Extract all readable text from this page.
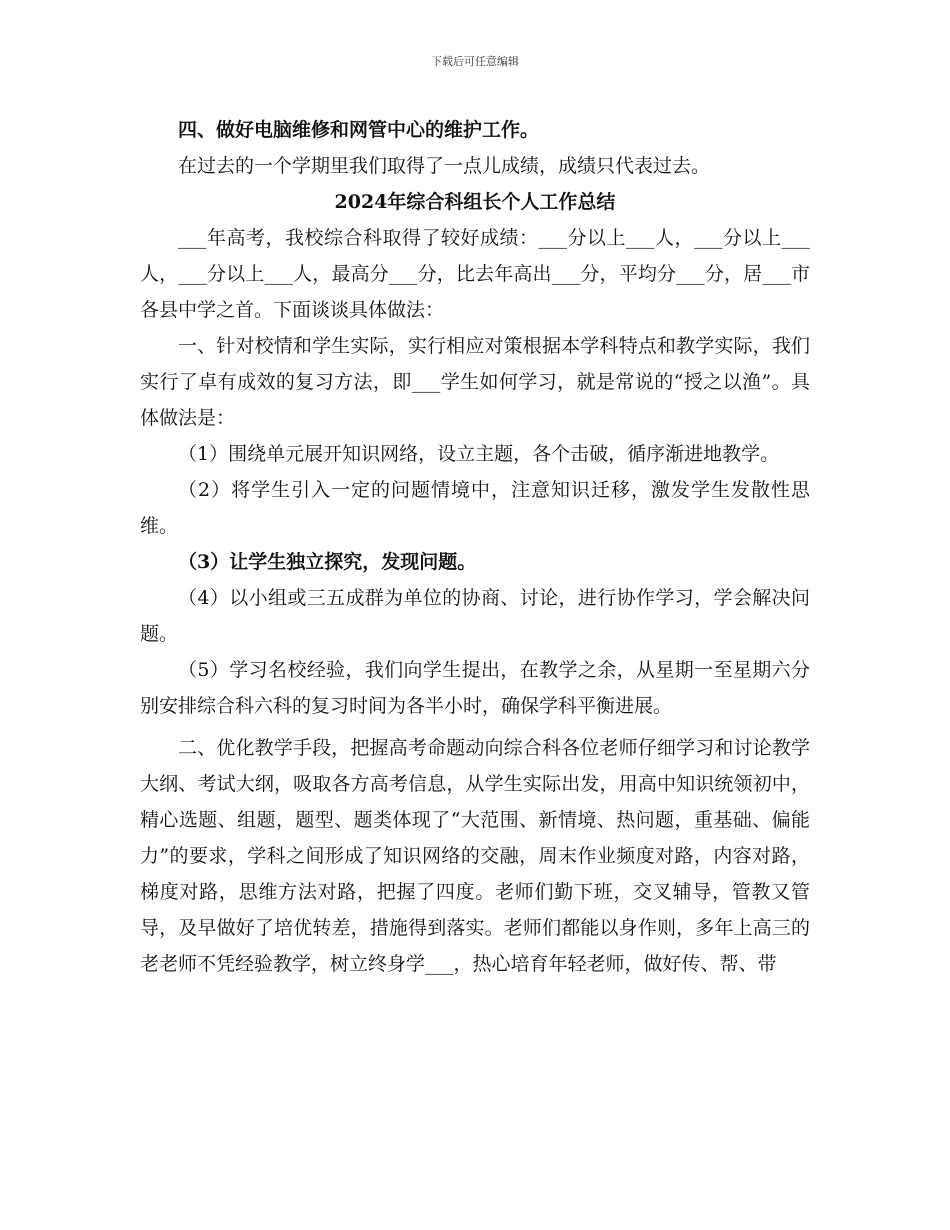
下载后可任意编辑

四、做好电脑维修和网管中心的维护工作。

在过去的一个学期里我们取得了一点儿成绩，成绩只代表过去。

2024年综合科组长个人工作总结

___年高考，我校综合科取得了较好成绩：___分以上___人，___分以上___人，___分以上___人，最高分___分，比去年高出___分，平均分___分，居___市各县中学之首。下面谈谈具体做法：

一、针对校情和学生实际，实行相应对策根据本学科特点和教学实际，我们实行了卓有成效的复习方法，即___学生如何学习，就是常说的“授之以渔”。具体做法是：

（1）围绕单元展开知识网络，设立主题，各个击破，循序渐进地教学。

（2）将学生引入一定的问题情境中，注意知识迁移，激发学生发散性思维。

（3）让学生独立探究，发现问题。

（4）以小组或三五成群为单位的协商、讨论，进行协作学习，学会解决问题。

（5）学习名校经验，我们向学生提出，在教学之余，从星期一至星期六分别安排综合科六科的复习时间为各半小时，确保学科平衡进展。

二、优化教学手段，把握高考命题动向综合科各位老师仔细学习和讨论教学大纲、考试大纲，吸取各方高考信息，从学生实际出发，用高中知识统领初中，精心选题、组题，题型、题类体现了“大范围、新情境、热问题，重基础、偏能力”的要求，学科之间形成了知识网络的交融，周末作业频度对路，内容对路，梯度对路，思维方法对路，把握了四度。老师们勤下班，交叉辅导，管教又管导，及早做好了培优转差，措施得到落实。老师们都能以身作则，多年上高三的老老师不凭经验教学，树立终身学___，热心培育年轻老师，做好传、帮、带
